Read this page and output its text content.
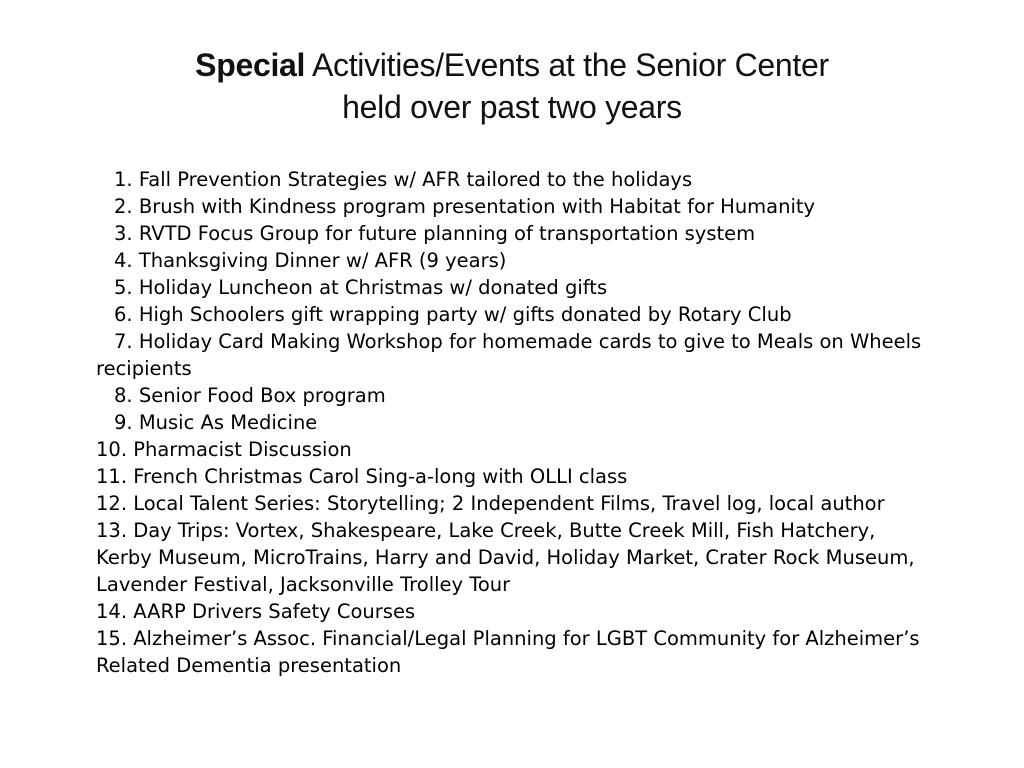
Special Activities/Events at the Senior Center
held over past two years
1. Fall Prevention Strategies w/ AFR tailored to the holidays
2. Brush with Kindness program presentation with Habitat for Humanity
3. RVTD Focus Group for future planning of transportation system
4. Thanksgiving Dinner w/ AFR (9 years)
5. Holiday Luncheon at Christmas w/ donated gifts
6. High Schoolers gift wrapping party w/ gifts donated by Rotary Club
7. Holiday Card Making Workshop for homemade cards to give to Meals on Wheels recipients
8. Senior Food Box program
9. Music As Medicine
10. Pharmacist Discussion
11. French Christmas Carol Sing-a-long with OLLI class
12. Local Talent Series: Storytelling; 2 Independent Films, Travel log, local author
13. Day Trips: Vortex, Shakespeare, Lake Creek, Butte Creek Mill, Fish Hatchery, Kerby Museum, MicroTrains, Harry and David, Holiday Market, Crater Rock Museum, Lavender Festival, Jacksonville Trolley Tour
14. AARP Drivers Safety Courses
15. Alzheimer’s Assoc. Financial/Legal Planning for LGBT Community for Alzheimer’s Related Dementia presentation
